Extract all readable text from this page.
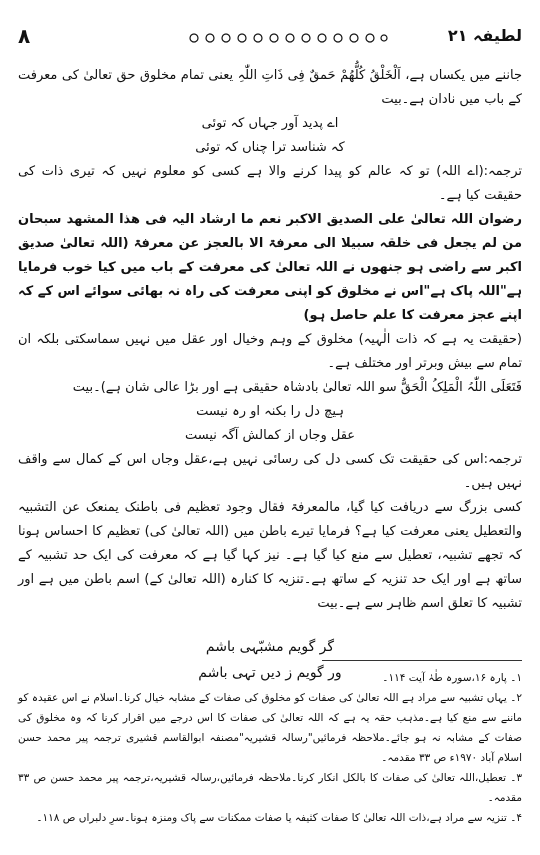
۸	لطیفہ ۲۱

جاننے میں یکساں ہے، اَلْخَلْقُ کُلُّھُمْ حَمقٌ فِی ذَاتِ اللّٰہِ یعنی تمام مخلوق حق تعالیٰ کی معرفت کے باب میں نادان ہے۔بیت

اے پدید آور جہاں کہ توئی

کہ شناسد ترا چناں کہ توئی

ترجمہ:(اے اللہ) تو کہ عالم کو پیدا کرنے والا ہے کسی کو معلوم نہیں کہ تیری ذات کی حقیقت کیا ہے۔

رضوان اللہ تعالیٰ علی الصدیق الاکبر نعم ما ارشاد الیہ فی ھذا المشھد سبحان من لم یجعل فی خلقہ سبیلا الی معرفۃ الا بالعجز عن معرفۃ (اللہ تعالیٰ صدیق اکبر سے راضی ہو جنھوں نے اللہ تعالیٰ کی معرفت کے باب میں کیا خوب فرمایا ہے"اللہ پاک ہے"اس نے مخلوق کو اپنی معرفت کی راہ نہ بھائی سوائے اس کے کہ اپنے عجز معرفت کا علم حاصل ہو)

(حقیقت یہ ہے کہ ذات الٰہیہ) مخلوق کے وہم وخیال اور عقل میں نہیں سماسکتی بلکہ ان تمام سے بیش وبرتر اور مختلف ہے۔

فَتَعَلَی اللّٰہُ الْمَلِکُ الْحَقُّ سو اللہ تعالیٰ بادشاہ حقیقی ہے اور بڑا عالی شان ہے)۔بیت

ہیچ دل را بکنہ او رہ نیست

عقل وجاں از کمالش آگہ نیست

ترجمہ:اس کی حقیقت تک کسی دل کی رسائی نہیں ہے،عقل وجاں اس کے کمال سے واقف نہیں ہیں۔

کسی بزرگ سے دریافت کیا گیا، مالمعرفۃ فقال وجود تعظیم فی باطنک یمنعک عن التشبیہ والتعطیل یعنی معرفت کیا ہے؟ فرمایا تیرے باطن میں (اللہ تعالیٰ کی) تعظیم کا احساس ہونا کہ تجھے تشبیہ، تعطیل سے منع کیا گیا ہے۔ نیز کہا گیا ہے کہ معرفت کی ایک حد تشبیہ کے ساتھ ہے اور ایک حد تنزیہ کے ساتھ ہے۔تنزیہ کا کنارہ (اللہ تعالیٰ کے) اسم باطن میں ہے اور تشبیہ کا تعلق اسم ظاہر سے ہے۔بیت

گر گویم مشبّہی باشم

ور گویم ز دیں تہی باشم	۱۔ پارہ ۱۶،سورہ طٰہٰ آیت ۱۱۴۔

۲۔ یہاں تشبیہ سے مراد ہے اللہ تعالیٰ کی صفات کو مخلوق کی صفات کے مشابہ خیال کرنا۔اسلام نے اس عقیدہ کو ماننے سے منع کیا ہے۔مذہب حقہ یہ ہے کہ اللہ تعالیٰ کی صفات کا اس درجے میں اقرار کرنا کہ وہ مخلوق کی صفات کے مشابہ نہ ہو جائے۔ملاحظہ فرمائیں"رسالہ قشیریہ"مصنفہ ابوالقاسم قشیری ترجمہ پیر محمد حسن اسلام آباد ۱۹۷۰ء ص ۳۳ مقدمہ۔

۳۔ تعطیل،اللہ تعالیٰ کی صفات کا بالکل انکار کرنا۔ملاحظہ فرمائیں،رسالہ قشیریہ،ترجمہ پیر محمد حسن ص ۳۳ مقدمہ۔

۴۔ تنزیہ سے مراد ہے،ذات اللہ تعالیٰ کا صفات کثیفہ یا صفات ممکنات سے پاک ومنزہ ہونا۔سرِ دلبراں ص ۱۱۸۔
